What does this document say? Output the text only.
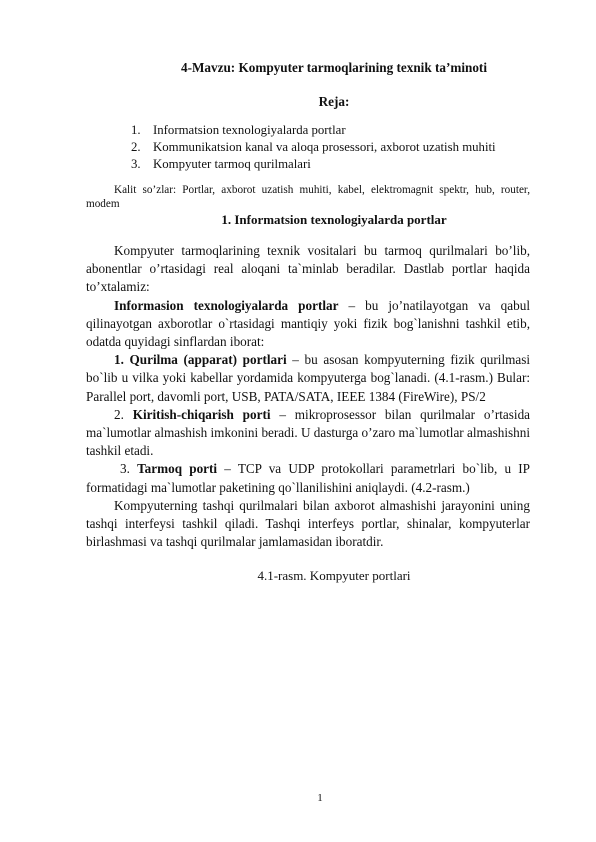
4-Mavzu: Kompyuter tarmoqlarining texnik ta’minoti
Reja:
1. Informatsion texnologiyalarda portlar
2. Kommunikatsion kanal va aloqa prosessori, axborot uzatish muhiti
3. Kompyuter tarmoq qurilmalari
Kalit so’zlar: Portlar, axborot uzatish muhiti, kabel, elektromagnit spektr, hub, router, modem
1. Informatsion texnologiyalarda portlar

Kompyuter tarmoqlarining texnik vositalari bu tarmoq qurilmalari bo’lib, abonentlar o’rtasidagi real aloqani ta`minlab beradilar. Dastlab portlar haqida to’xtalamiz:

Informasion texnologiyalarda portlar – bu jo’natilayotgan va qabul qilinayotgan axborotlar o`rtasidagi mantiqiy yoki fizik bog`lanishni tashkil etib, odatda quyidagi sinflardan iborat:

1. Qurilma (apparat) portlari – bu asosan kompyuterning fizik qurilmasi bo`lib u vilka yoki kabellar yordamida kompyuterga bog`lanadi. (4.1-rasm.) Bular: Parallel port, davomli port, USB, PATA/SATA, IEEE 1384 (FireWire), PS/2

2. Kiritish-chiqarish porti – mikroprosessor bilan qurilmalar o’rtasida ma`lumotlar almashish imkonini beradi. U dasturga o’zaro ma`lumotlar almashishni tashkil etadi.

3. Tarmoq porti – TCP va UDP protokollari parametrlari bo`lib, u IP formatidagi ma`lumotlar paketining qo`llanilishini aniqlaydi. (4.2-rasm.)

Kompyuterning tashqi qurilmalari bilan axborot almashishi jarayonini uning tashqi interfeysi tashkil qiladi. Tashqi interfeys portlar, shinalar, kompyuterlar birlashmasi va tashqi qurilmalar jamlamasidan iboratdir.

4.1-rasm. Kompyuter portlari
1
